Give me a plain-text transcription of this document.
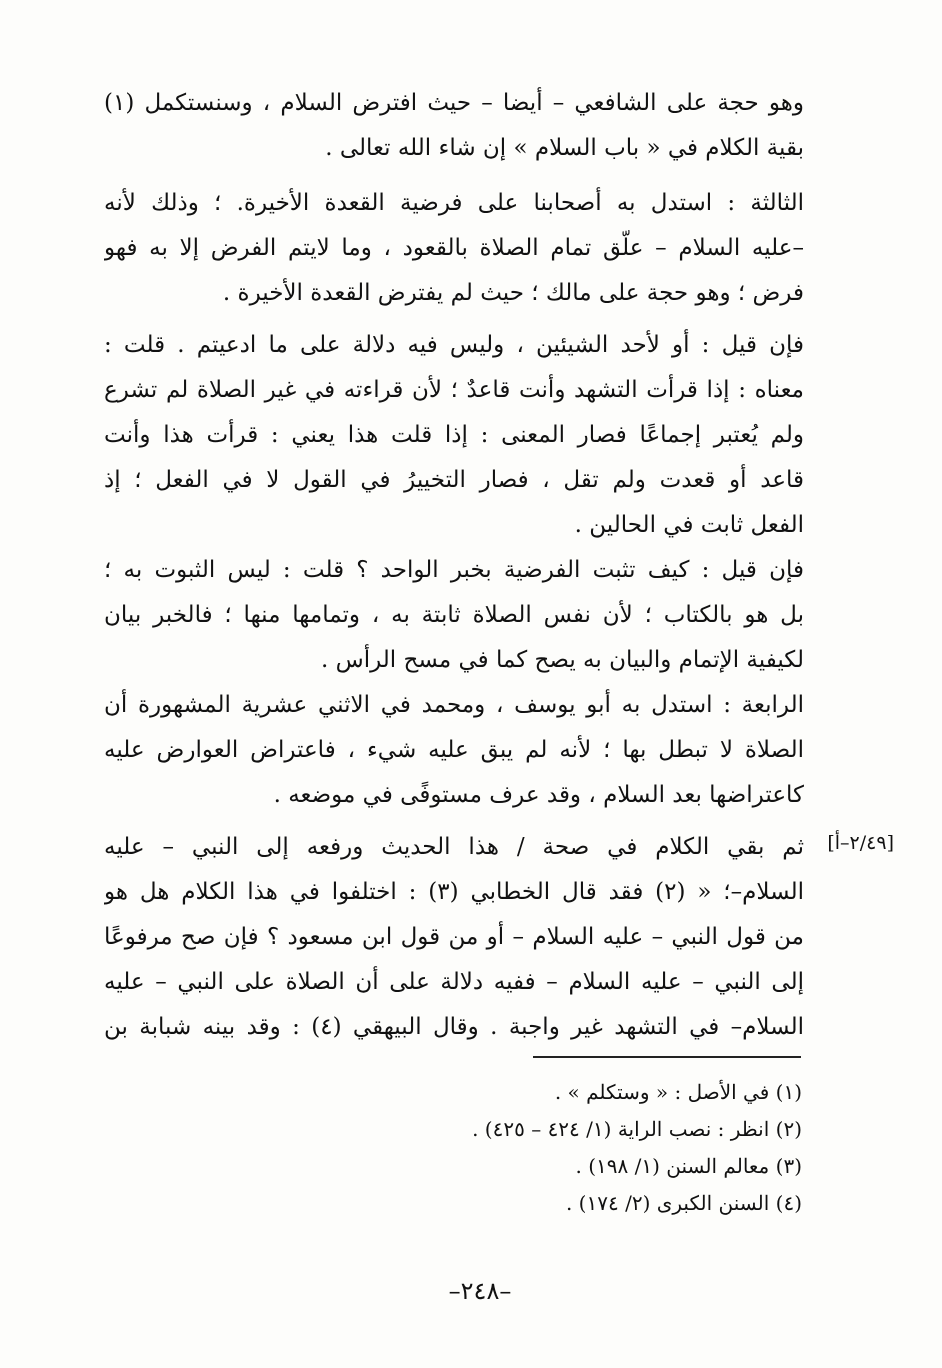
وهو حجة على الشافعي – أيضا – حيث افترض السلام ، وسنستكمل (١)
بقية الكلام في « باب السلام » إن شاء الله تعالى .
الثالثة : استدل به أصحابنا على فرضية القعدة الأخيرة. ؛ وذلك لأنه
–عليه السلام – علّق تمام الصلاة بالقعود ، وما لايتم الفرض إلا به فهو
فرض ؛ وهو حجة على مالك ؛ حيث لم يفترض القعدة الأخيرة .
فإن قيل : أو لأحد الشيئين ، وليس فيه دلالة على ما ادعيتم . قلت :
معناه : إذا قرأت التشهد وأنت قاعدٌ ؛ لأن قراءته في غير الصلاة لم تشرع
ولم يُعتبر إجماعًا فصار المعنى : إذا قلت هذا يعني : قرأت هذا وأنت
قاعد أو قعدت ولم تقل ، فصار التخييرُ في القول لا في الفعل ؛ إذ
الفعل ثابت في الحالين .
فإن قيل : كيف تثبت الفرضية بخبر الواحد ؟ قلت : ليس الثبوت به ؛
بل هو بالكتاب ؛ لأن نفس الصلاة ثابتة به ، وتمامها منها ؛ فالخبر بيان
لكيفية الإتمام والبيان به يصح كما في مسح الرأس .
الرابعة : استدل به أبو يوسف ، ومحمد في الاثني عشرية المشهورة أن
الصلاة لا تبطل بها ؛ لأنه لم يبق عليه شيء ، فاعتراض العوارض عليه
كاعتراضها بعد السلام ، وقد عرف مستوفًى في موضعه .
ثم بقي الكلام في صحة / هذا الحديث ورفعه إلى النبي – عليه
السلام–؛ « (٢) فقد قال الخطابي (٣) : اختلفوا في هذا الكلام هل هو
من قول النبي – عليه السلام – أو من قول ابن مسعود ؟ فإن صح مرفوعًا
إلى النبي – عليه السلام – ففيه دلالة على أن الصلاة على النبي – عليه
السلام– في التشهد غير واجبة . وقال البيهقي (٤) : وقد بينه شبابة بن
[٢/٤٩–أ]
(١) في الأصل : « وستكلم » .
(٢) انظر : نصب الراية (١/ ٤٢٤ – ٤٢٥) .
(٣) معالم السنن (١/ ١٩٨) .
(٤) السنن الكبرى (٢/ ١٧٤) .
–٢٤٨–
